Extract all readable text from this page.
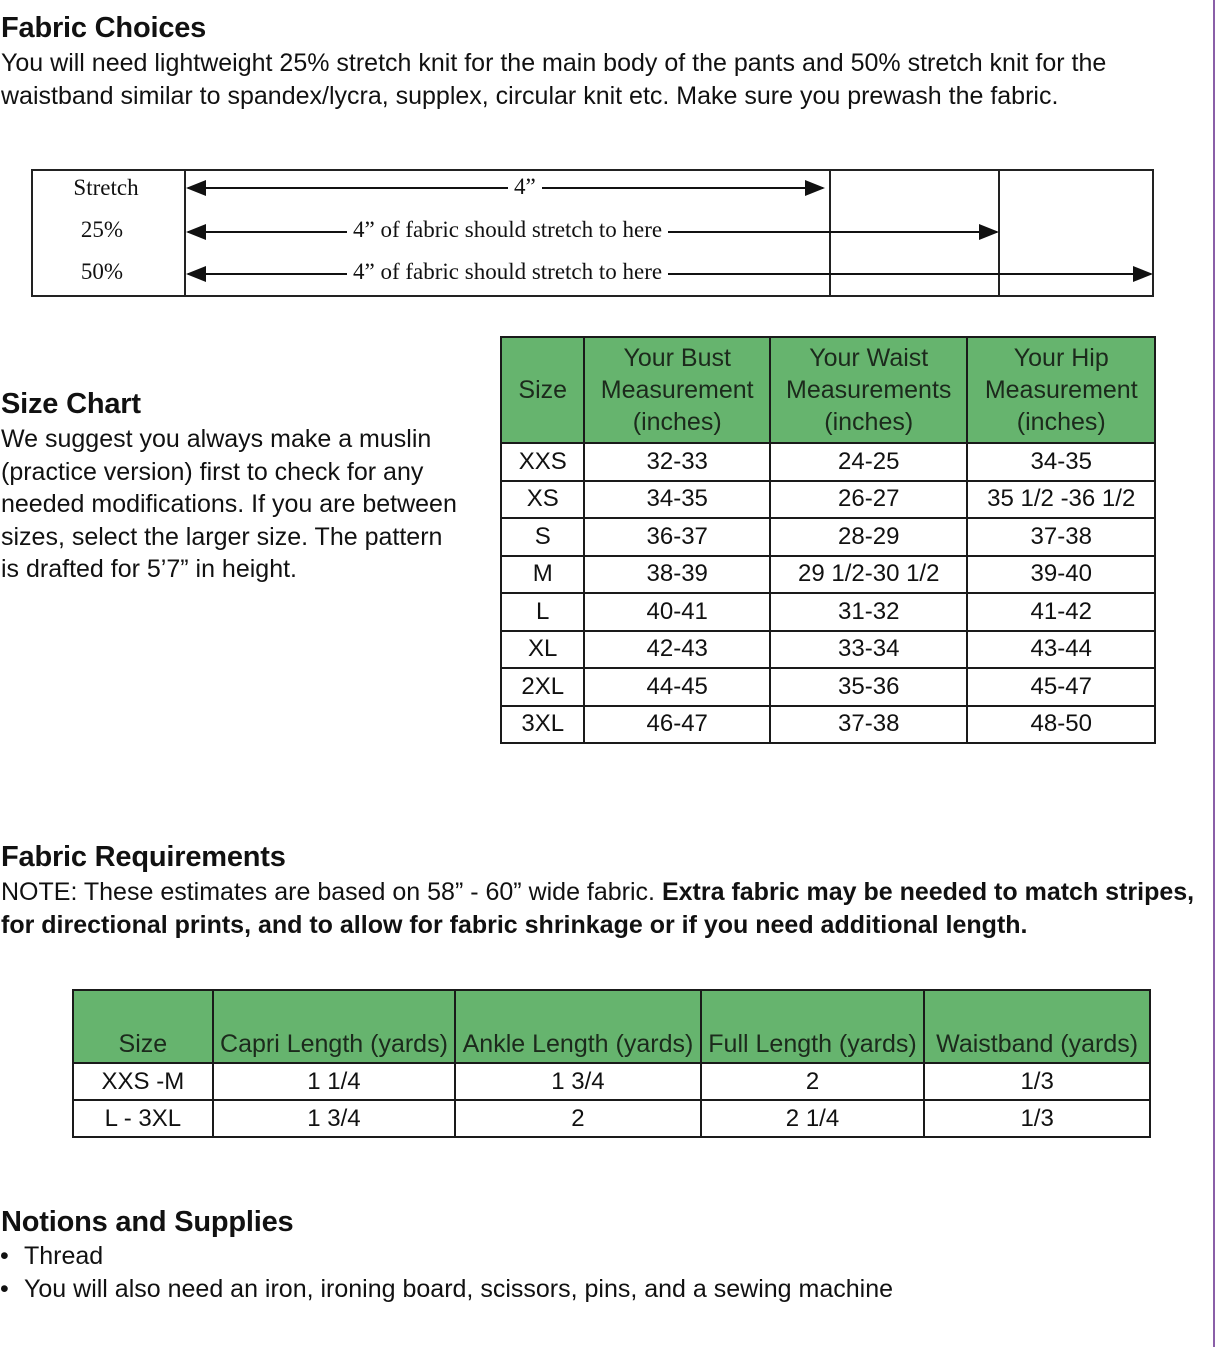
Fabric Choices

You will need lightweight 25% stretch knit for the main body of the pants and 50% stretch knit for the waistband similar to spandex/lycra, supplex, circular knit etc. Make sure you prewash the fabric.

Stretch
25%
50%
4”
4” of fabric should stretch to here
4” of fabric should stretch to here
Size Chart

We suggest you always make a muslin (practice version) first to check for any needed modifications. If you are between sizes, select the larger size. The pattern is drafted for 5’7” in height.

Size	Your Bust Measurement (inches)	Your Waist Measurements (inches)	Your Hip Measurement (inches)
XXS	32-33	24-25	34-35
XS	34-35	26-27	35 1/2 -36 1/2
S	36-37	28-29	37-38
M	38-39	29 1/2-30 1/2	39-40
L	40-41	31-32	41-42
XL	42-43	33-34	43-44
2XL	44-45	35-36	45-47
3XL	46-47	37-38	48-50
Fabric Requirements

NOTE: These estimates are based on 58” - 60” wide fabric. Extra fabric may be needed to match stripes, for directional prints, and to allow for fabric shrinkage or if you need additional length.

Size	Capri Length (yards)	Ankle Length (yards)	Full Length (yards)	Waistband (yards)
XXS -M	1 1/4	1 3/4	2	1/3
L - 3XL	1 3/4	2	2 1/4	1/3
Notions and Supplies
• Thread
• You will also need an iron, ironing board, scissors, pins, and a sewing machine
